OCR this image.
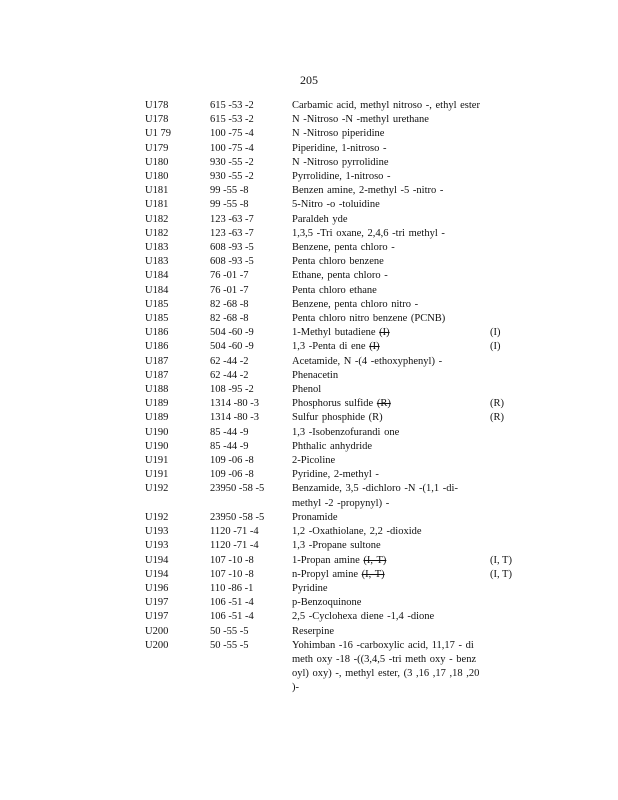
205
U178	615 -53 -2	Carbamic acid, methyl nitroso -, ethyl ester
U178	615 -53 -2	N -Nitroso -N -methyl urethane
U1 79	100 -75 -4	N -Nitroso piperidine
U179	100 -75 -4	Piperidine, 1-nitroso -
U180	930 -55 -2	N -Nitroso pyrrolidine
U180	930 -55 -2	Pyrrolidine, 1-nitroso -
U181	99 -55 -8	Benzen amine, 2-methyl -5 -nitro -
U181	99 -55 -8	5-Nitro -o -toluidine
U182	123 -63 -7	Paraldeh yde
U182	123 -63 -7	1,3,5 -Tri oxane, 2,4,6 -tri methyl -
U183	608 -93 -5	Benzene, penta chloro -
U183	608 -93 -5	Penta chloro benzene
U184	76 -01 -7	Ethane, penta chloro -
U184	76 -01 -7	Penta chloro ethane
U185	82 -68 -8	Benzene, penta chloro nitro -
U185	82 -68 -8	Penta chloro nitro benzene (PCNB)
U186	504 -60 -9	1-Methyl butadiene (I)	(I)
U186	504 -60 -9	1,3 -Penta di ene (I)	(I)
U187	62 -44 -2	Acetamide, N -(4 -ethoxyphenyl) -
U187	62 -44 -2	Phenacetin
U188	108 -95 -2	Phenol
U189	1314 -80 -3	Phosphorus sulfide (R)	(R)
U189	1314 -80 -3	Sulfur phosphide (R)	(R)
U190	85 -44 -9	1,3 -Isobenzofurandi one
U190	85 -44 -9	Phthalic anhydride
U191	109 -06 -8	2-Picoline
U191	109 -06 -8	Pyridine, 2-methyl -
U192	23950 -58 -5	Benzamide, 3,5 -dichloro -N -(1,1 -di- methyl -2 -propynyl) -
U192	23950 -58 -5	Pronamide
U193	1120 -71 -4	1,2 -Oxathiolane, 2,2 -dioxide
U193	1120 -71 -4	1,3 -Propane sultone
U194	107 -10 -8	1-Propan amine (I, T)	(I, T)
U194	107 -10 -8	n-Propyl amine (I, T)	(I, T)
U196	110 -86 -1	Pyridine
U197	106 -51 -4	p-Benzoquinone
U197	106 -51 -4	2,5 -Cyclohexa diene -1,4 -dione
U200	50 -55 -5	Reserpine
U200	50 -55 -5	Yohimban -16 -carboxylic acid, 11,17 - di meth oxy -18 -((3,4,5 -tri meth oxy - benz oyl) oxy) -, methyl ester, (3 ,16 ,17 ,18 ,20 )-
